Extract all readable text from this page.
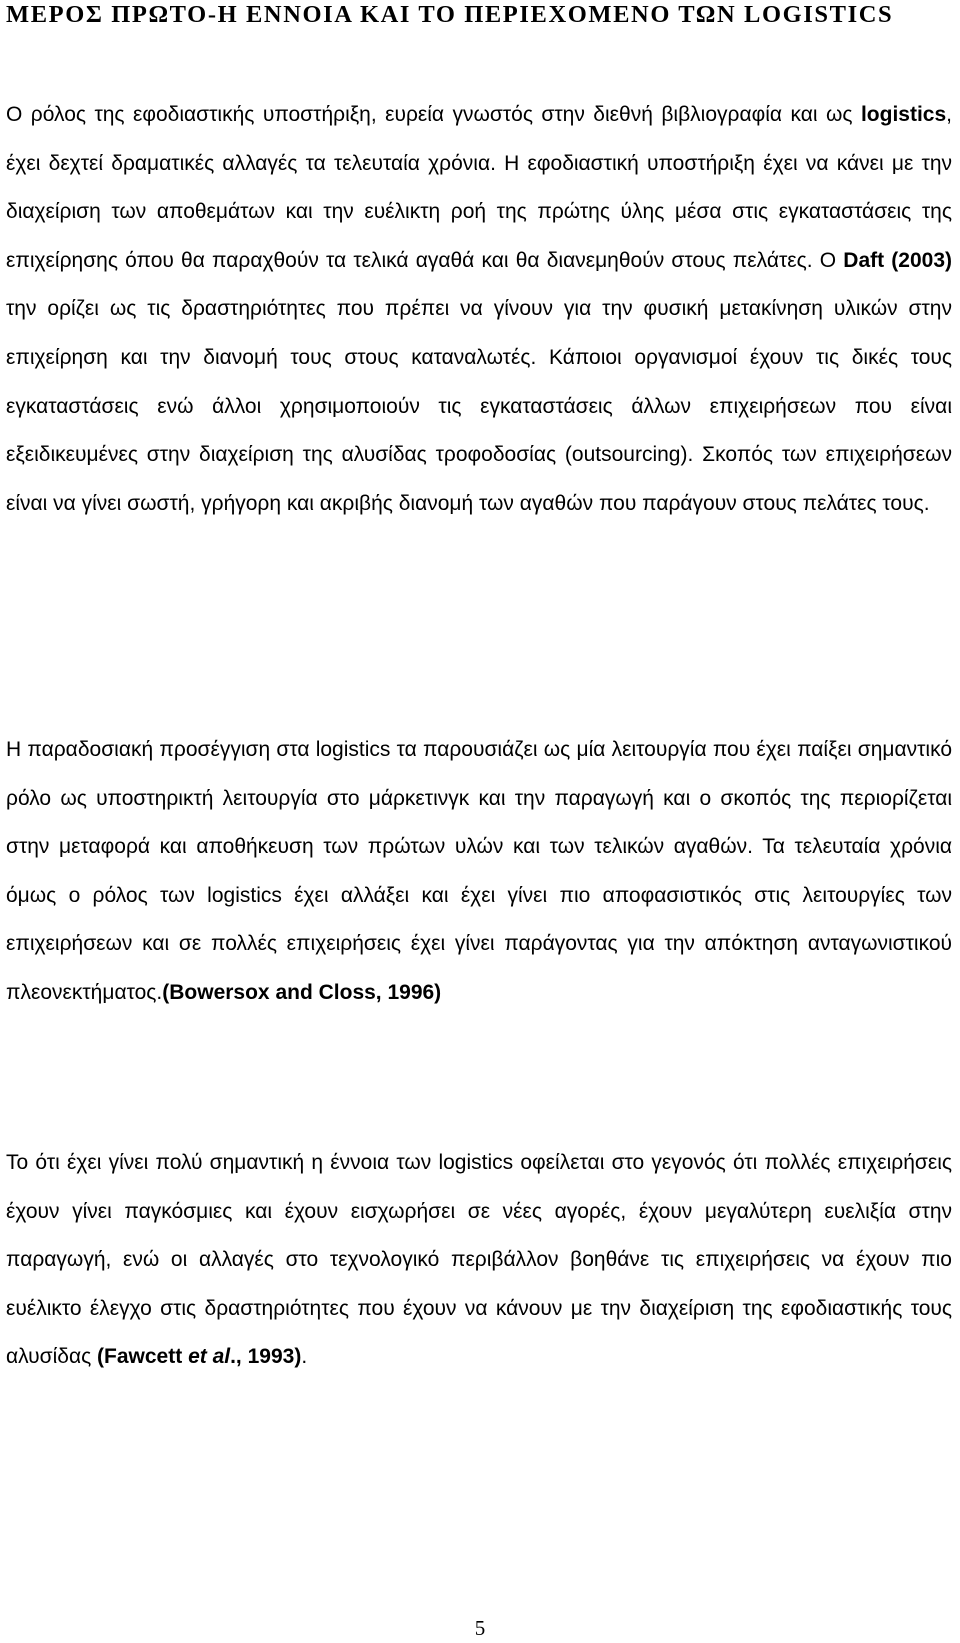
ΜΕΡΟΣ ΠΡΩΤΟ-Η ΕΝΝΟΙΑ ΚΑΙ ΤΟ ΠΕΡΙΕΧΟΜΕΝΟ ΤΩΝ LOGISTICS

Ο ρόλος της εφοδιαστικής υποστήριξη, ευρεία γνωστός στην διεθνή βιβλιογραφία και ως logistics, έχει δεχτεί δραματικές αλλαγές τα τελευταία χρόνια. Η εφοδιαστική υποστήριξη έχει να κάνει με την διαχείριση των αποθεμάτων και την ευέλικτη ροή της πρώτης ύλης μέσα στις εγκαταστάσεις της επιχείρησης όπου θα παραχθούν τα τελικά αγαθά και θα διανεμηθούν στους πελάτες. Ο Daft (2003) την ορίζει ως τις δραστηριότητες που πρέπει να γίνουν για την φυσική μετακίνηση υλικών στην επιχείρηση και την διανομή τους στους καταναλωτές. Κάποιοι οργανισμοί έχουν τις δικές τους εγκαταστάσεις ενώ άλλοι χρησιμοποιούν τις εγκαταστάσεις άλλων επιχειρήσεων που είναι εξειδικευμένες στην διαχείριση της αλυσίδας τροφοδοσίας (outsourcing). Σκοπός των επιχειρήσεων είναι να γίνει σωστή, γρήγορη και ακριβής διανομή των αγαθών που παράγουν στους πελάτες τους.

Η παραδοσιακή προσέγγιση στα logistics τα παρουσιάζει ως μία λειτουργία που έχει παίξει σημαντικό ρόλο ως υποστηρικτή λειτουργία στο μάρκετινγκ και την παραγωγή και ο σκοπός της περιορίζεται στην μεταφορά και αποθήκευση των πρώτων υλών και των τελικών αγαθών. Τα τελευταία χρόνια όμως ο ρόλος των logistics έχει αλλάξει και έχει γίνει πιο αποφασιστικός στις λειτουργίες των επιχειρήσεων και σε πολλές επιχειρήσεις έχει γίνει παράγοντας για την απόκτηση ανταγωνιστικού πλεονεκτήματος.(Bowersox and Closs, 1996)

Το ότι έχει γίνει πολύ σημαντική η έννοια των logistics οφείλεται στο γεγονός ότι πολλές επιχειρήσεις έχουν γίνει παγκόσμιες και έχουν εισχωρήσει σε νέες αγορές, έχουν μεγαλύτερη ευελιξία στην παραγωγή, ενώ οι αλλαγές στο τεχνολογικό περιβάλλον βοηθάνε τις επιχειρήσεις να έχουν πιο ευέλικτο έλεγχο στις δραστηριότητες που έχουν να κάνουν με την διαχείριση της εφοδιαστικής τους αλυσίδας (Fawcett et al., 1993).

5
